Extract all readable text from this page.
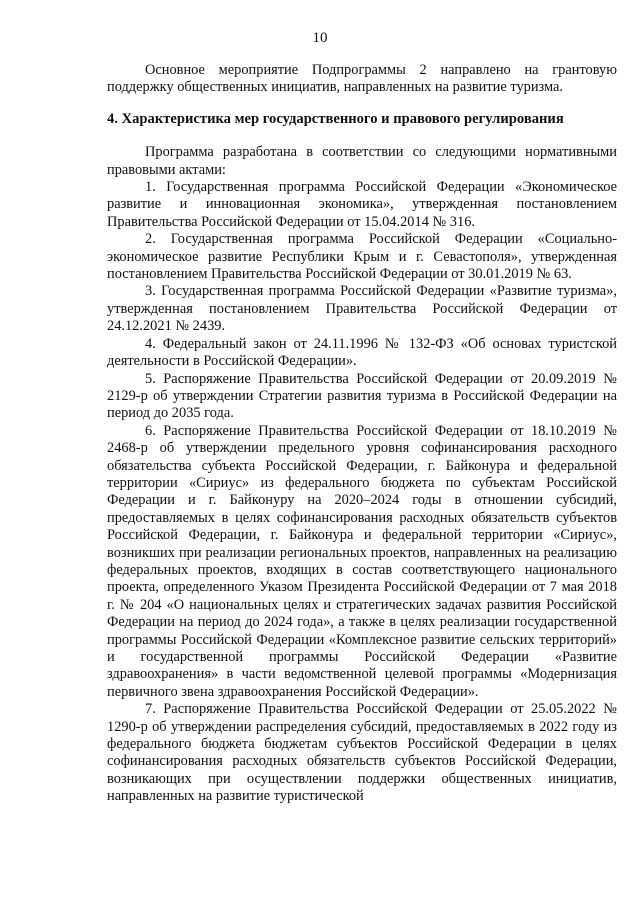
10

Основное мероприятие Подпрограммы 2 направлено на грантовую поддержку общественных инициатив, направленных на развитие туризма.

4. Характеристика мер государственного и правового регулирования

Программа разработана в соответствии со следующими нормативными правовыми актами:

1. Государственная программа Российской Федерации «Экономическое развитие и инновационная экономика», утвержденная постановлением Правительства Российской Федерации от 15.04.2014 № 316.

2. Государственная программа Российской Федерации «Социально-экономическое развитие Республики Крым и г. Севастополя», утвержденная постановлением Правительства Российской Федерации от 30.01.2019 № 63.

3. Государственная программа Российской Федерации «Развитие туризма», утвержденная постановлением Правительства Российской Федерации от 24.12.2021 № 2439.

4. Федеральный закон от 24.11.1996 № 132-ФЗ «Об основах туристской деятельности в Российской Федерации».

5. Распоряжение Правительства Российской Федерации от 20.09.2019 № 2129-р об утверждении Стратегии развития туризма в Российской Федерации на период до 2035 года.

6. Распоряжение Правительства Российской Федерации от 18.10.2019 № 2468-р об утверждении предельного уровня софинансирования расходного обязательства субъекта Российской Федерации, г. Байконура и федеральной территории «Сириус» из федерального бюджета по субъектам Российской Федерации и г. Байконуру на 2020–2024 годы в отношении субсидий, предоставляемых в целях софинансирования расходных обязательств субъектов Российской Федерации, г. Байконура и федеральной территории «Сириус», возникших при реализации региональных проектов, направленных на реализацию федеральных проектов, входящих в состав соответствующего национального проекта, определенного Указом Президента Российской Федерации от 7 мая 2018 г. № 204 «О национальных целях и стратегических задачах развития Российской Федерации на период до 2024 года», а также в целях реализации государственной программы Российской Федерации «Комплексное развитие сельских территорий» и государственной программы Российской Федерации «Развитие здравоохранения» в части ведомственной целевой программы «Модернизация первичного звена здравоохранения Российской Федерации».

7. Распоряжение Правительства Российской Федерации от 25.05.2022 № 1290-р об утверждении распределения субсидий, предоставляемых в 2022 году из федерального бюджета бюджетам субъектов Российской Федерации в целях софинансирования расходных обязательств субъектов Российской Федерации, возникающих при осуществлении поддержки общественных инициатив, направленных на развитие туристической
